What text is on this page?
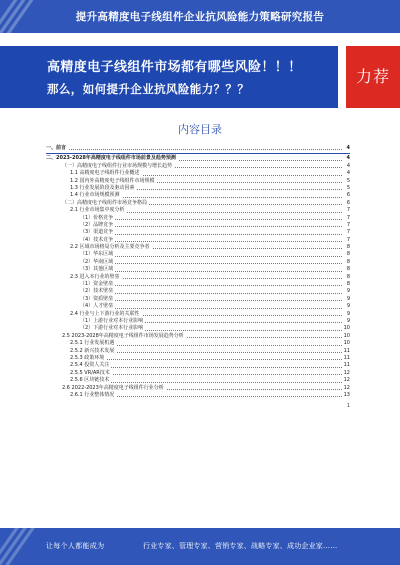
提升高精度电子线组件企业抗风险能力策略研究报告
高精度电子线组件市场都有哪些风险！！！
那么，如何提升企业抗风险能力？？？
力荐
内容目录
一、前言	4
二、2023-2028年高精度电子线组件市场前景及趋势预测	4
（一）高精度电子线组件行业市场规模与增长趋势	4
1.1 高精度电子线组件行业概述	4
1.2 国内外高精度电子线组件市场规模	5
1.3 行业发展阶段及驱动因素	5
1.4 行业市场规模预测	6
（二）高精度电子线组件市场竞争格局	6
2.1 行业市场集中度分析	7
（1）价格竞争	7
（2）品牌竞争	7
（3）渠道竞争	7
（4）技术竞争	7
2.2 区域市场格局分析及主要竞争者	8
（1）华东区域	8
（2）华南区域	8
（3）其他区域	8
2.3 进入本行业的壁垒	8
（1）资金壁垒	8
（2）技术壁垒	9
（3）资质壁垒	9
（4）人才壁垒	9
2.4 行业与上下游行业的关联性	9
（1）上游行业对本行业影响	9
（2）下游行业对本行业影响	10
2.5 2023-2028年高精度电子线组件市场发展趋势分析	10
2.5.1 行业发展机遇	10
2.5.2 新兴技术发展	11
2.5.3 政策环境	11
2.5.4 投资人关注	11
2.5.5 VR/AR技术	12
2.5.6 区块链技术	12
2.6 2022-2023年高精度电子线组件行业分析	12
2.6.1 行业整体情况	13
1
让每个人都能成为	行业专家、管理专家、营销专家、战略专家、成功企业家……
